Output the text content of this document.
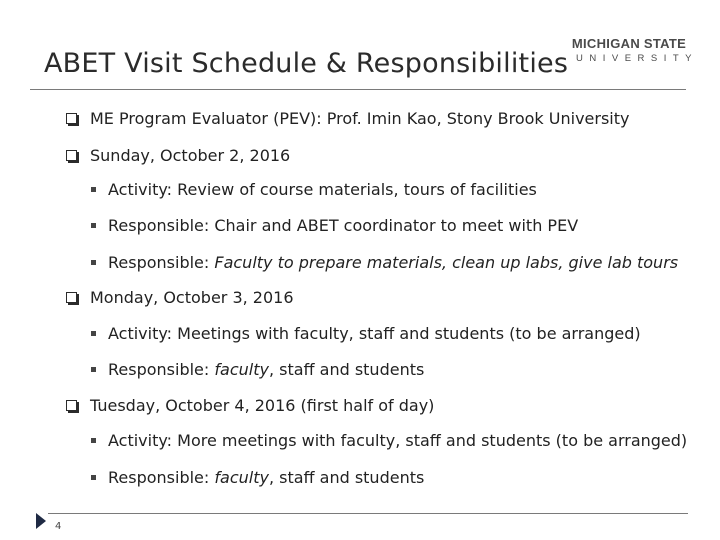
ABET Visit Schedule & Responsibilities
MICHIGAN STATE
UNIVERSITY
ME Program Evaluator (PEV): Prof. Imin Kao, Stony Brook University
Sunday, October 2, 2016
Activity: Review of course materials, tours of facilities
Responsible: Chair and ABET coordinator to meet with PEV
Responsible: Faculty to prepare materials, clean up labs, give lab tours
Monday, October 3, 2016
Activity: Meetings with faculty, staff and students (to be arranged)
Responsible: faculty, staff and students
Tuesday, October 4, 2016 (first half of day)
Activity: More meetings with faculty, staff and students (to be arranged)
Responsible: faculty, staff and students
4
